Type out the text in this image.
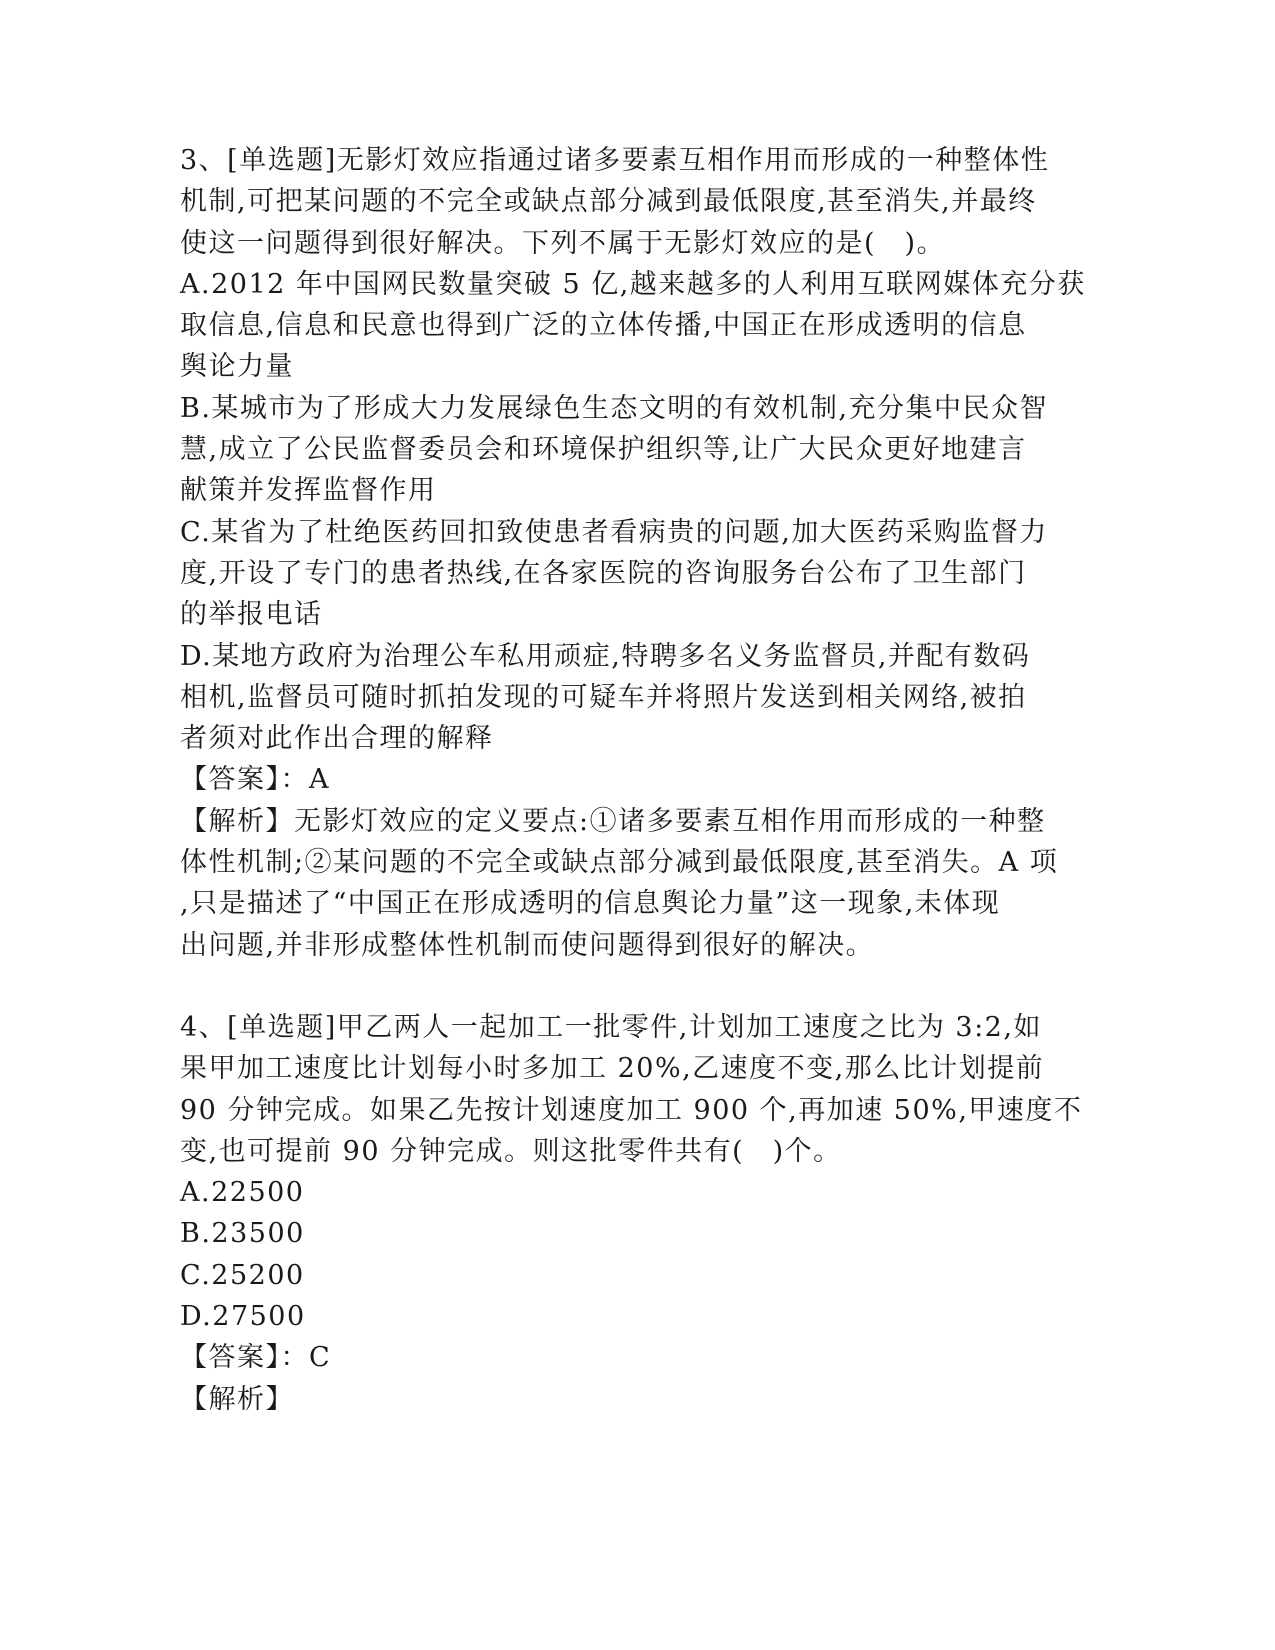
3、[单选题]无影灯效应指通过诸多要素互相作用而形成的一种整体性
机制,可把某问题的不完全或缺点部分减到最低限度,甚至消失,并最终
使这一问题得到很好解决。下列不属于无影灯效应的是(　)。
A.2012 年中国网民数量突破 5 亿,越来越多的人利用互联网媒体充分获
取信息,信息和民意也得到广泛的立体传播,中国正在形成透明的信息
舆论力量
B.某城市为了形成大力发展绿色生态文明的有效机制,充分集中民众智
慧,成立了公民监督委员会和环境保护组织等,让广大民众更好地建言
献策并发挥监督作用
C.某省为了杜绝医药回扣致使患者看病贵的问题,加大医药采购监督力
度,开设了专门的患者热线,在各家医院的咨询服务台公布了卫生部门
的举报电话
D.某地方政府为治理公车私用顽症,特聘多名义务监督员,并配有数码
相机,监督员可随时抓拍发现的可疑车并将照片发送到相关网络,被拍
者须对此作出合理的解释
【答案】：A
【解析】无影灯效应的定义要点:①诸多要素互相作用而形成的一种整
体性机制;②某问题的不完全或缺点部分减到最低限度,甚至消失。A 项
,只是描述了“中国正在形成透明的信息舆论力量”这一现象,未体现
出问题,并非形成整体性机制而使问题得到很好的解决。
4、[单选题]甲乙两人一起加工一批零件,计划加工速度之比为 3:2,如
果甲加工速度比计划每小时多加工 20%,乙速度不变,那么比计划提前
90 分钟完成。如果乙先按计划速度加工 900 个,再加速 50%,甲速度不
变,也可提前 90 分钟完成。则这批零件共有(　)个。
A.22500
B.23500
C.25200
D.27500
【答案】：C
【解析】
